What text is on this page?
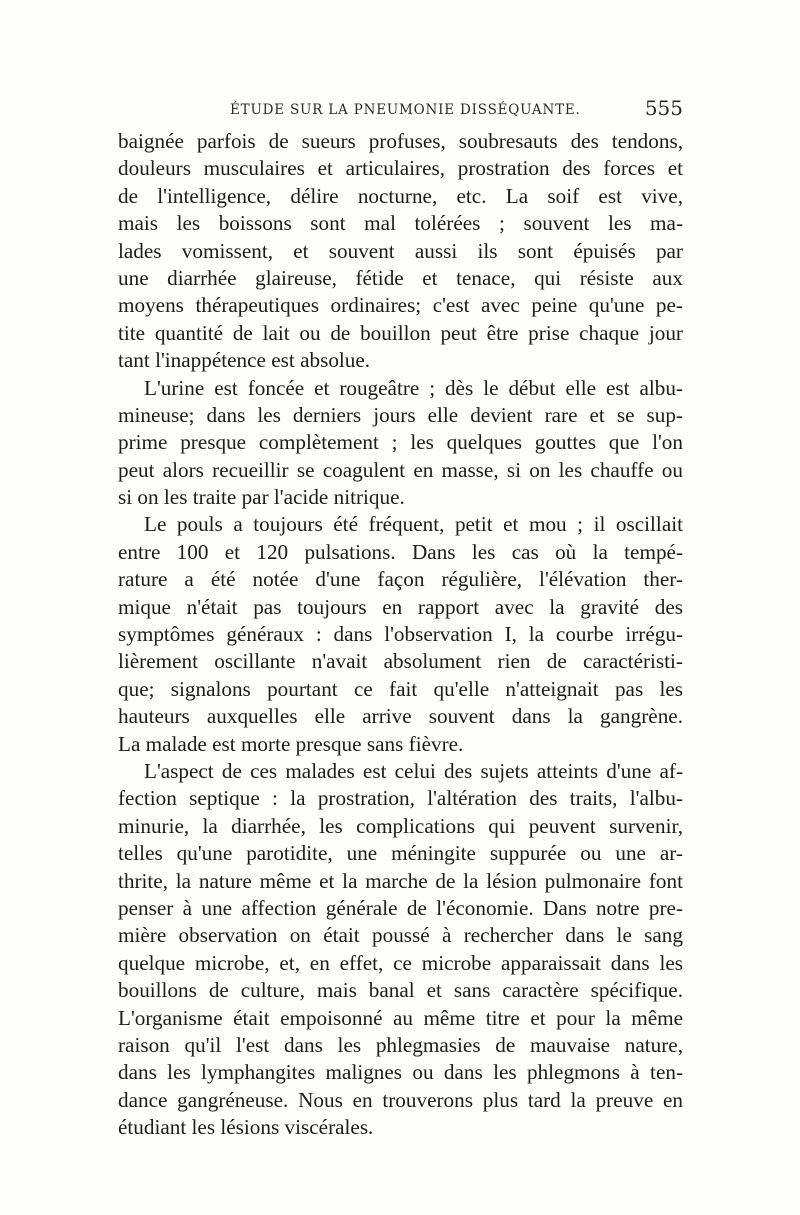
ÉTUDE SUR LA PNEUMONIE DISSÉQUANTE.	555
baignée parfois de sueurs profuses, soubresauts des tendons,
douleurs musculaires et articulaires, prostration des forces et
de l'intelligence, délire nocturne, etc. La soif est vive,
mais les boissons sont mal tolérées ; souvent les ma-
lades vomissent, et souvent aussi ils sont épuisés par
une diarrhée glaireuse, fétide et tenace, qui résiste aux
moyens thérapeutiques ordinaires; c'est avec peine qu'une pe-
tite quantité de lait ou de bouillon peut être prise chaque jour
tant l'inappétence est absolue.
L'urine est foncée et rougeâtre ; dès le début elle est albu-
mineuse; dans les derniers jours elle devient rare et se sup-
prime presque complètement ; les quelques gouttes que l'on
peut alors recueillir se coagulent en masse, si on les chauffe ou
si on les traite par l'acide nitrique.
Le pouls a toujours été fréquent, petit et mou ; il oscillait
entre 100 et 120 pulsations. Dans les cas où la tempé-
rature a été notée d'une façon régulière, l'élévation ther-
mique n'était pas toujours en rapport avec la gravité des
symptômes généraux : dans l'observation I, la courbe irrégu-
lièrement oscillante n'avait absolument rien de caractéristi-
que; signalons pourtant ce fait qu'elle n'atteignait pas les
hauteurs auxquelles elle arrive souvent dans la gangrène.
La malade est morte presque sans fièvre.
L'aspect de ces malades est celui des sujets atteints d'une af-
fection septique : la prostration, l'altération des traits, l'albu-
minurie, la diarrhée, les complications qui peuvent survenir,
telles qu'une parotidite, une méningite suppurée ou une ar-
thrite, la nature même et la marche de la lésion pulmonaire font
penser à une affection générale de l'économie. Dans notre pre-
mière observation on était poussé à rechercher dans le sang
quelque microbe, et, en effet, ce microbe apparaissait dans les
bouillons de culture, mais banal et sans caractère spécifique.
L'organisme était empoisonné au même titre et pour la même
raison qu'il l'est dans les phlegmasies de mauvaise nature,
dans les lymphangites malignes ou dans les phlegmons à ten-
dance gangréneuse. Nous en trouverons plus tard la preuve en
étudiant les lésions viscérales.
